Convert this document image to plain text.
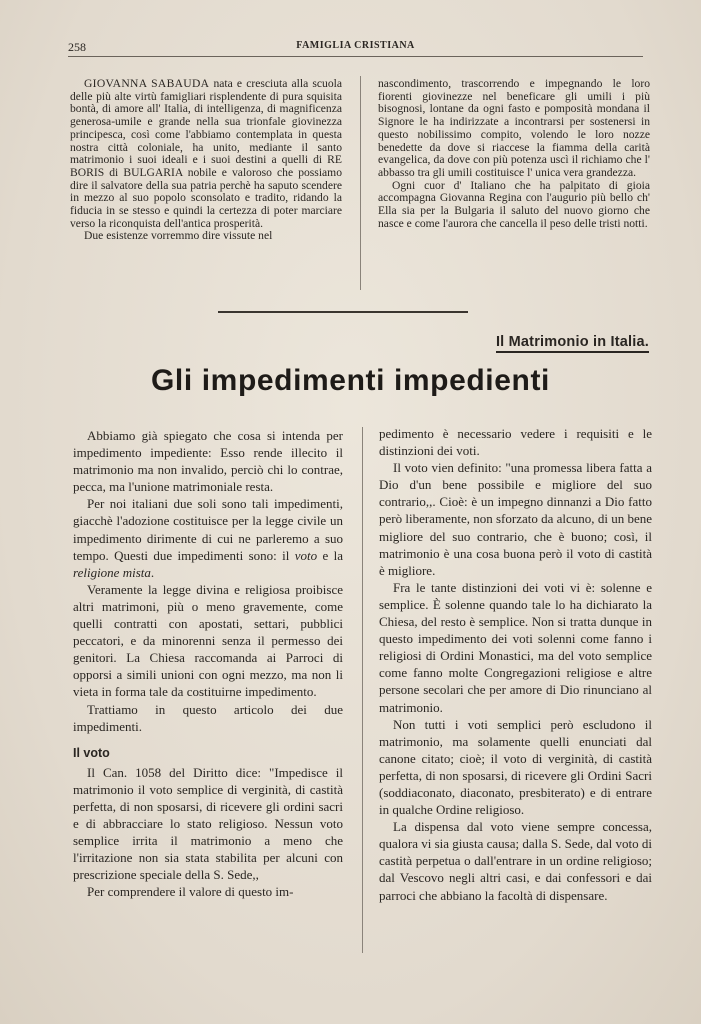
258	FAMIGLIA CRISTIANA

GIOVANNA SABAUDA nata e cresciuta alla scuola delle più alte virtù famigliari risplendente di pura squisita bontà, di amore all' Italia, di intelligenza, di magnificenza generosa-umile e grande nella sua trionfale giovinezza principesca, così come l'abbiamo contemplata in questa nostra città coloniale, ha unito, mediante il santo matrimonio i suoi ideali e i suoi destini a quelli di RE BORIS di BULGARIA nobile e valoroso che possiamo dire il salvatore della sua patria perchè ha saputo scendere in mezzo al suo popolo sconsolato e tradito, ridando la fiducia in se stesso e quindi la certezza di poter marciare verso la riconquista dell'antica prosperità.

Due esistenze vorremmo dire vissute nel

nascondimento, trascorrendo e impegnando le loro fiorenti giovinezze nel beneficare gli umili i più bisognosi, lontane da ogni fasto e pomposità mondana il Signore le ha indirizzate a incontrarsi per sostenersi in questo nobilissimo compito, volendo le loro nozze benedette da dove si riaccese la fiamma della carità evangelica, da dove con più potenza uscì il richiamo che l' abbasso tra gli umili costituisce l' unica vera grandezza.

Ogni cuor d' Italiano che ha palpitato di gioia accompagna Giovanna Regina con l'augurio più bello ch' Ella sia per la Bulgaria il saluto del nuovo giorno che nasce e come l'aurora che cancella il peso delle tristi notti.

Il Matrimonio in Italia.
Gli impedimenti impedienti

Abbiamo già spiegato che cosa si intenda per impedimento impediente: Esso rende illecito il matrimonio ma non invalido, perciò chi lo contrae, pecca, ma l'unione matrimoniale resta.

Per noi italiani due soli sono tali impedimenti, giacchè l'adozione costituisce per la legge civile un impedimento dirimente di cui ne parleremo a suo tempo. Questi due impedimenti sono: il voto e la religione mista.

Veramente la legge divina e religiosa proibisce altri matrimoni, più o meno gravemente, come quelli contratti con apostati, settari, pubblici peccatori, e da minorenni senza il permesso dei genitori. La Chiesa raccomanda ai Parroci di opporsi a simili unioni con ogni mezzo, ma non li vieta in forma tale da costituirne impedimento.

Trattiamo in questo articolo dei due impedimenti.

Il voto

Il Can. 1058 del Diritto dice: "Impedisce il matrimonio il voto semplice di verginità, di castità perfetta, di non sposarsi, di ricevere gli ordini sacri e di abbracciare lo stato religioso. Nessun voto semplice irrita il matrimonio a meno che l'irritazione non sia stata stabilita per alcuni con prescrizione speciale della S. Sede,,

Per comprendere il valore di questo im-

pedimento è necessario vedere i requisiti e le distinzioni dei voti.

Il voto vien definito: "una promessa libera fatta a Dio d'un bene possibile e migliore del suo contrario,,. Cioè: è un impegno dinnanzi a Dio fatto però liberamente, non sforzato da alcuno, di un bene migliore del suo contrario, che è buono; così, il matrimonio è una cosa buona però il voto di castità è migliore.

Fra le tante distinzioni dei voti vi è: solenne e semplice. È solenne quando tale lo ha dichiarato la Chiesa, del resto è semplice. Non si tratta dunque in questo impedimento dei voti solenni come fanno i religiosi di Ordini Monastici, ma del voto semplice come fanno molte Congregazioni religiose e altre persone secolari che per amore di Dio rinunciano al matrimonio.

Non tutti i voti semplici però escludono il matrimonio, ma solamente quelli enunciati dal canone citato; cioè; il voto di verginità, di castità perfetta, di non sposarsi, di ricevere gli Ordini Sacri (soddiaconato, diaconato, presbiterato) e di entrare in qualche Ordine religioso.

La dispensa dal voto viene sempre concessa, qualora vi sia giusta causa; dalla S. Sede, dal voto di castità perpetua o dall'entrare in un ordine religioso; dal Vescovo negli altri casi, e dai confessori e dai parroci che abbiano la facoltà di dispensare.
